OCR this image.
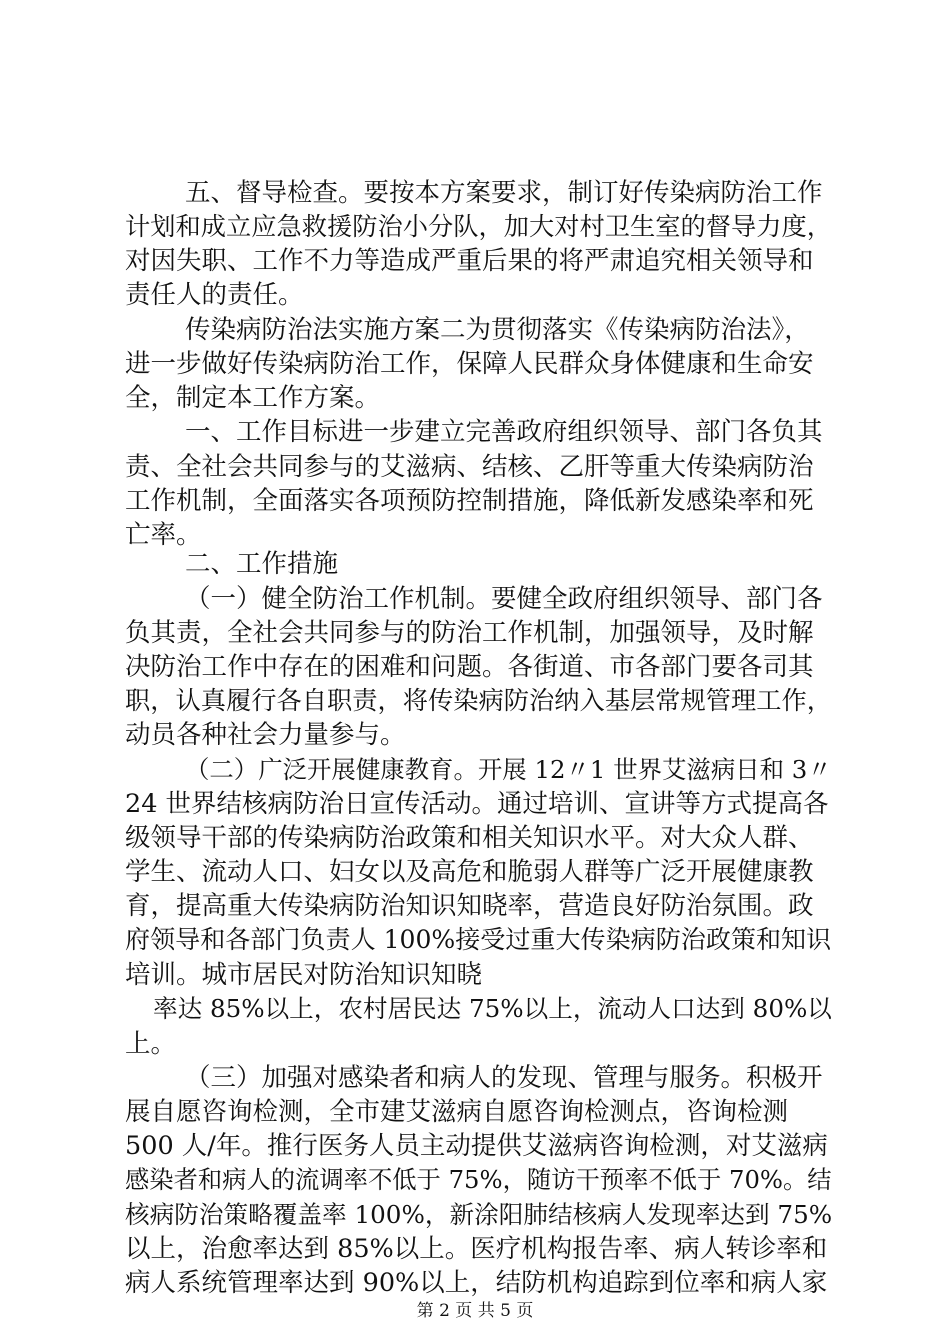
五、督导检查。要按本方案要求，制订好传染病防治工作
计划和成立应急救援防治小分队，加大对村卫生室的督导力度，
对因失职、工作不力等造成严重后果的将严肃追究相关领导和
责任人的责任。
传染病防治法实施方案二为贯彻落实《传染病防治法》，
进一步做好传染病防治工作，保障人民群众身体健康和生命安
全，制定本工作方案。
一、工作目标进一步建立完善政府组织领导、部门各负其
责、全社会共同参与的艾滋病、结核、乙肝等重大传染病防治
工作机制，全面落实各项预防控制措施，降低新发感染率和死
亡率。
二、工作措施
（一）健全防治工作机制。要健全政府组织领导、部门各
负其责，全社会共同参与的防治工作机制，加强领导，及时解
决防治工作中存在的困难和问题。各街道、市各部门要各司其
职，认真履行各自职责，将传染病防治纳入基层常规管理工作，
动员各种社会力量参与。
（二）广泛开展健康教育。开展 12〃1 世界艾滋病日和 3〃
24 世界结核病防治日宣传活动。通过培训、宣讲等方式提高各
级领导干部的传染病防治政策和相关知识水平。对大众人群、
学生、流动人口、妇女以及高危和脆弱人群等广泛开展健康教
育，提高重大传染病防治知识知晓率，营造良好防治氛围。政
府领导和各部门负责人 100%接受过重大传染病防治政策和知识
培训。城市居民对防治知识知晓
率达 85%以上，农村居民达 75%以上，流动人口达到 80%以
上。
（三）加强对感染者和病人的发现、管理与服务。积极开
展自愿咨询检测，全市建艾滋病自愿咨询检测点，咨询检测
500 人/年。推行医务人员主动提供艾滋病咨询检测，对艾滋病
感染者和病人的流调率不低于 75%，随访干预率不低于 70%。结
核病防治策略覆盖率 100%，新涂阳肺结核病人发现率达到 75%
以上，治愈率达到 85%以上。医疗机构报告率、病人转诊率和
病人系统管理率达到 90%以上，结防机构追踪到位率和病人家
第 2 页 共 5 页
